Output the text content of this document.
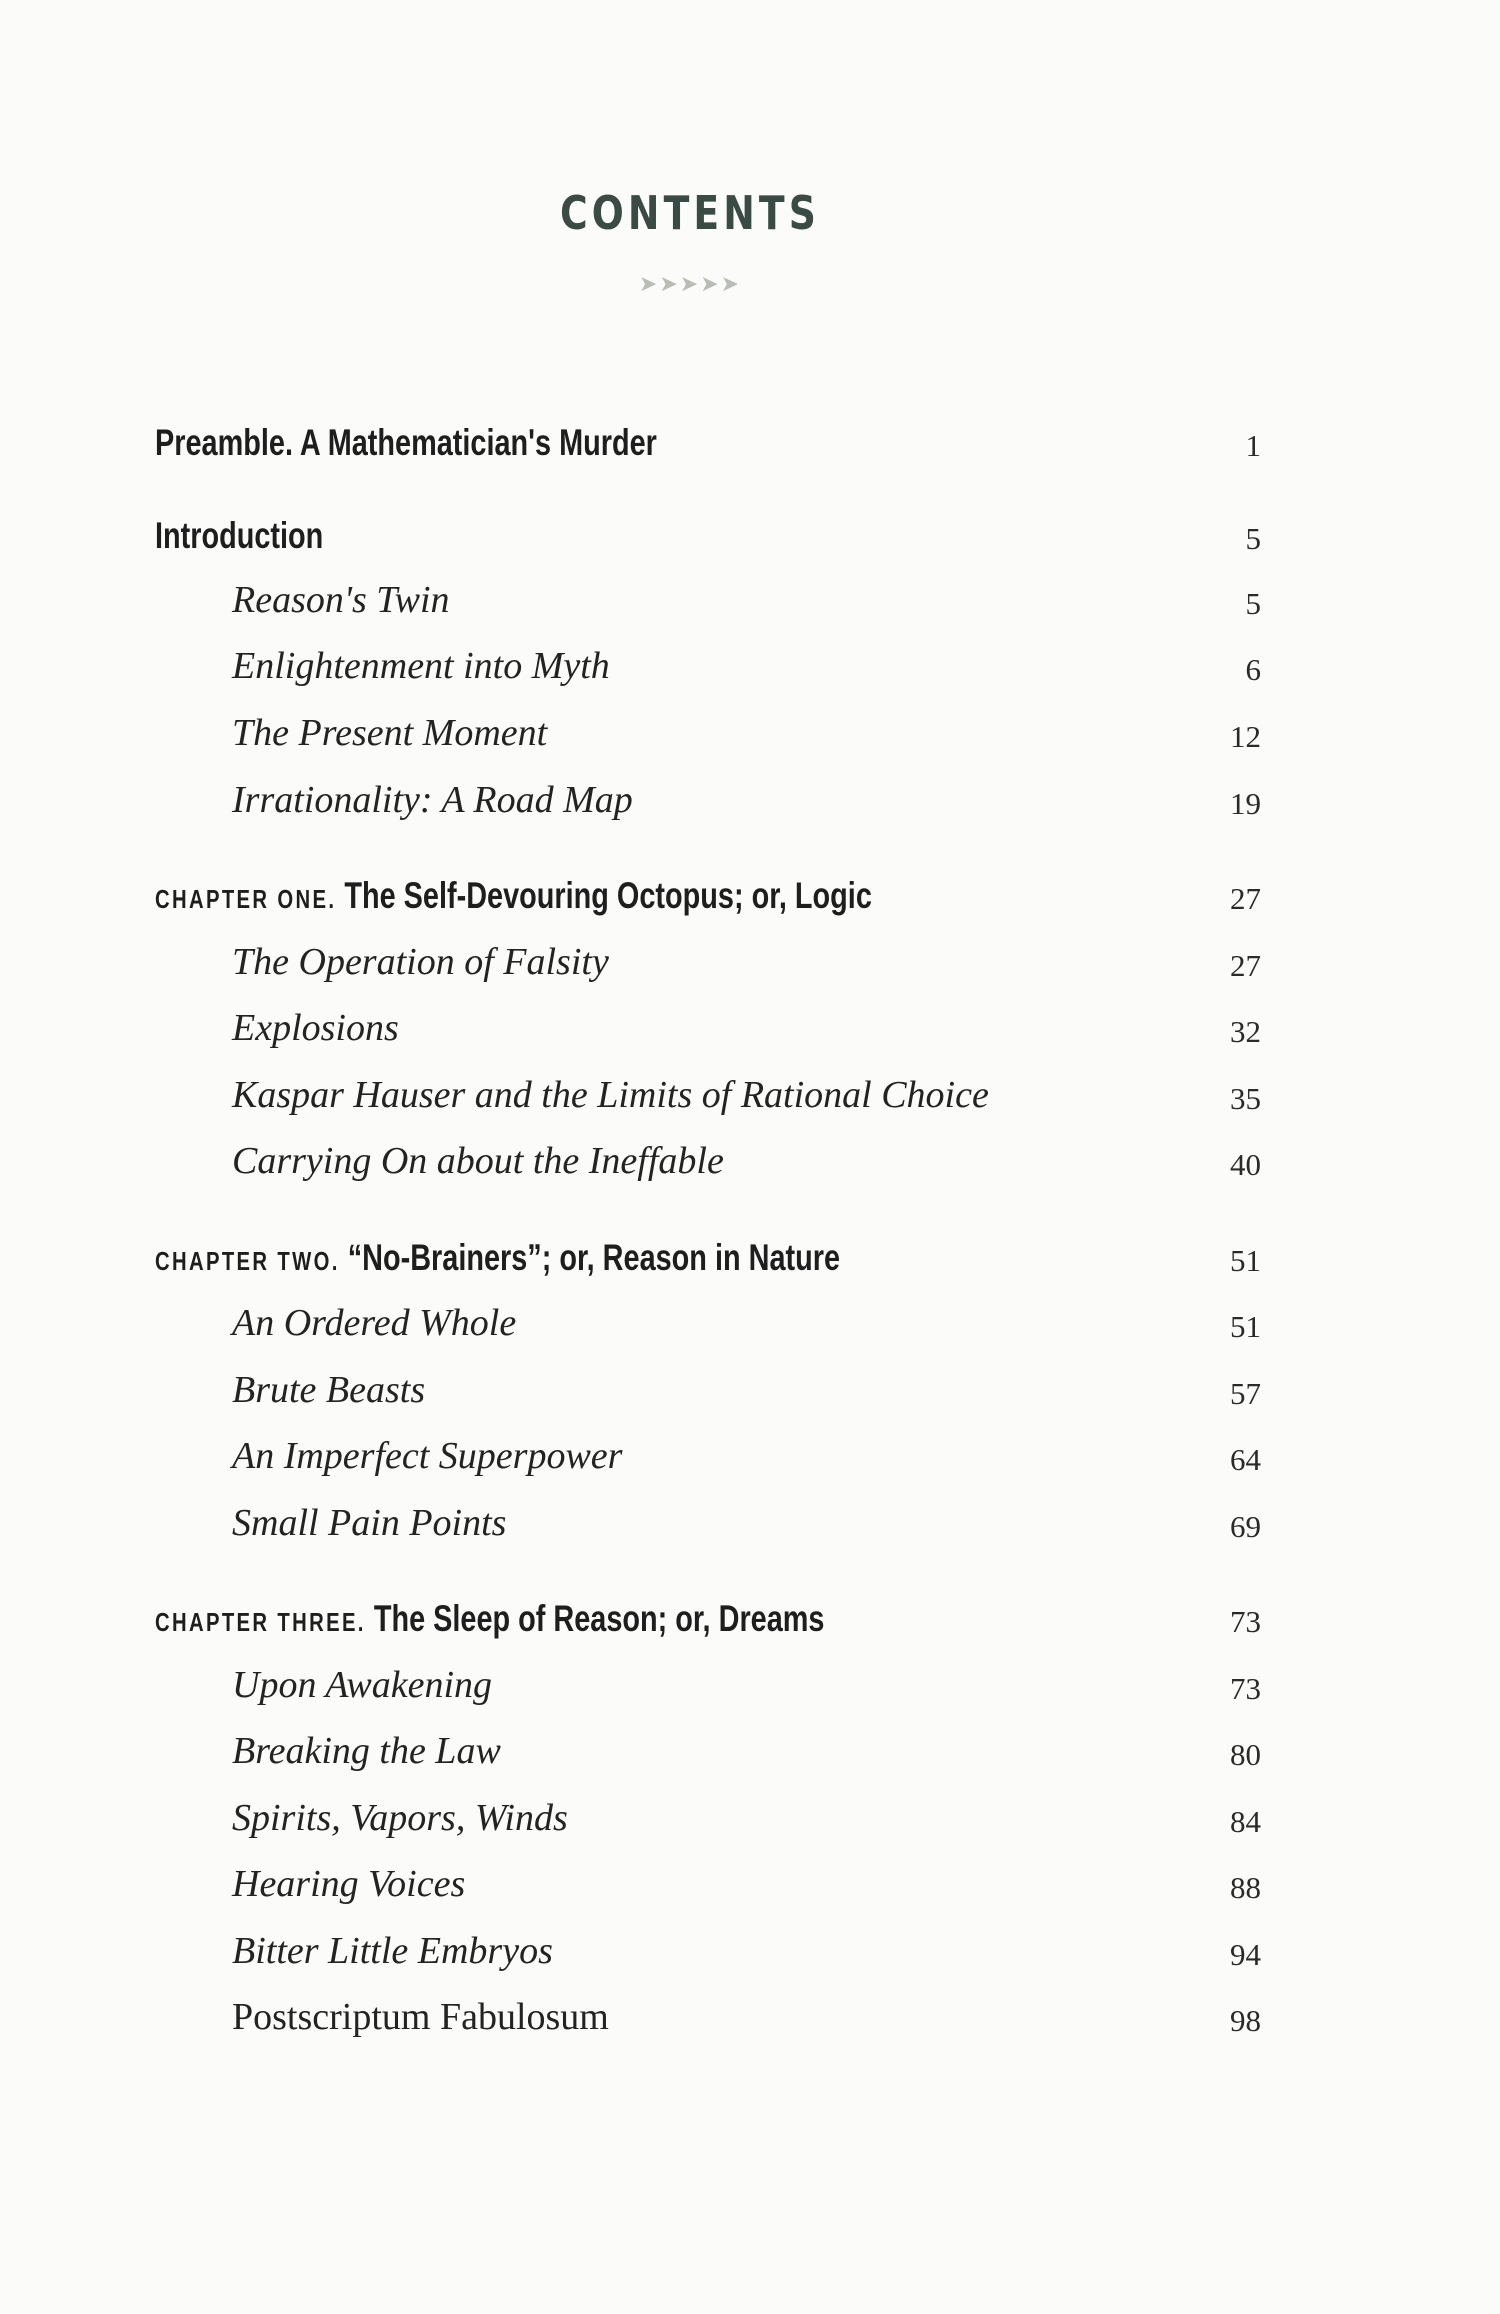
CONTENTS
➤➤➤➤➤
Preamble. A Mathematician's Murder	1
Introduction	5
Reason's Twin	5
Enlightenment into Myth	6
The Present Moment	12
Irrationality: A Road Map	19
CHAPTER ONE. The Self-Devouring Octopus; or, Logic	27
The Operation of Falsity	27
Explosions	32
Kaspar Hauser and the Limits of Rational Choice	35
Carrying On about the Ineffable	40
CHAPTER TWO. “No-Brainers”; or, Reason in Nature	51
An Ordered Whole	51
Brute Beasts	57
An Imperfect Superpower	64
Small Pain Points	69
CHAPTER THREE. The Sleep of Reason; or, Dreams	73
Upon Awakening	73
Breaking the Law	80
Spirits, Vapors, Winds	84
Hearing Voices	88
Bitter Little Embryos	94
Postscriptum Fabulosum	98
